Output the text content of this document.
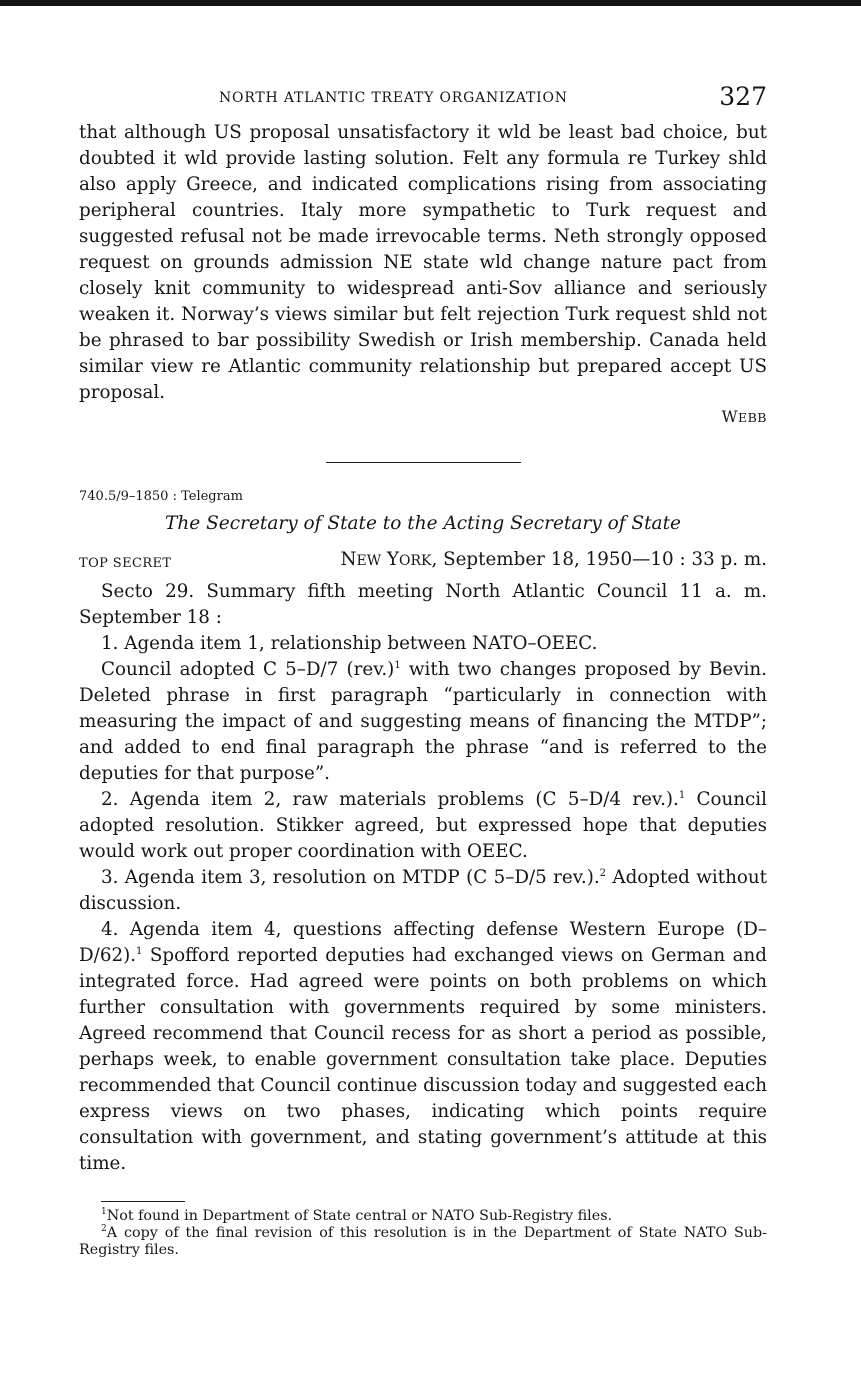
NORTH ATLANTIC TREATY ORGANIZATION	327

that although US proposal unsatisfactory it wld be least bad choice, but doubted it wld provide lasting solution. Felt any formula re Turkey shld also apply Greece, and indicated complications rising from associating peripheral countries. Italy more sympathetic to Turk request and suggested refusal not be made irrevocable terms. Neth strongly opposed request on grounds admission NE state wld change nature pact from closely knit community to widespread anti-Sov alliance and seriously weaken it. Norway’s views similar but felt rejection Turk request shld not be phrased to bar possibility Swedish or Irish membership. Canada held similar view re Atlantic community relationship but prepared accept US proposal.

WEBB
740.5/9–1850 : Telegram
The Secretary of State to the Acting Secretary of State
TOP SECRET	NEW YORK, September 18, 1950—10 : 33 p. m.

Secto 29. Summary fifth meeting North Atlantic Council 11 a. m. September 18 :

1. Agenda item 1, relationship between NATO–OEEC.

Council adopted C 5–D/7 $(rev.)^1$ with two changes proposed by Bevin. Deleted phrase in first paragraph “particularly in connection with measuring the impact of and suggesting means of financing the MTDP”; and added to end final paragraph the phrase “and is referred to the deputies for that purpose”.

2. Agenda item 2, raw materials problems (C 5–D/4 rev.).$^1$ Council adopted resolution. Stikker agreed, but expressed hope that deputies would work out proper coordination with OEEC.

3. Agenda item 3, resolution on MTDP (C 5–D/5 rev.).$^2$ Adopted without discussion.

4. Agenda item 4, questions affecting defense Western Europe (D–D/62).$^1$ Spofford reported deputies had exchanged views on German and integrated force. Had agreed were points on both problems on which further consultation with governments required by some ministers. Agreed recommend that Council recess for as short a period as possible, perhaps week, to enable government consultation take place. Deputies recommended that Council continue discussion today and suggested each express views on two phases, indicating which points require consultation with government, and stating government’s attitude at this time.

$^1$Not found in Department of State central or NATO Sub-Registry files.

$^2$A copy of the final revision of this resolution is in the Department of State NATO Sub-Registry files.
